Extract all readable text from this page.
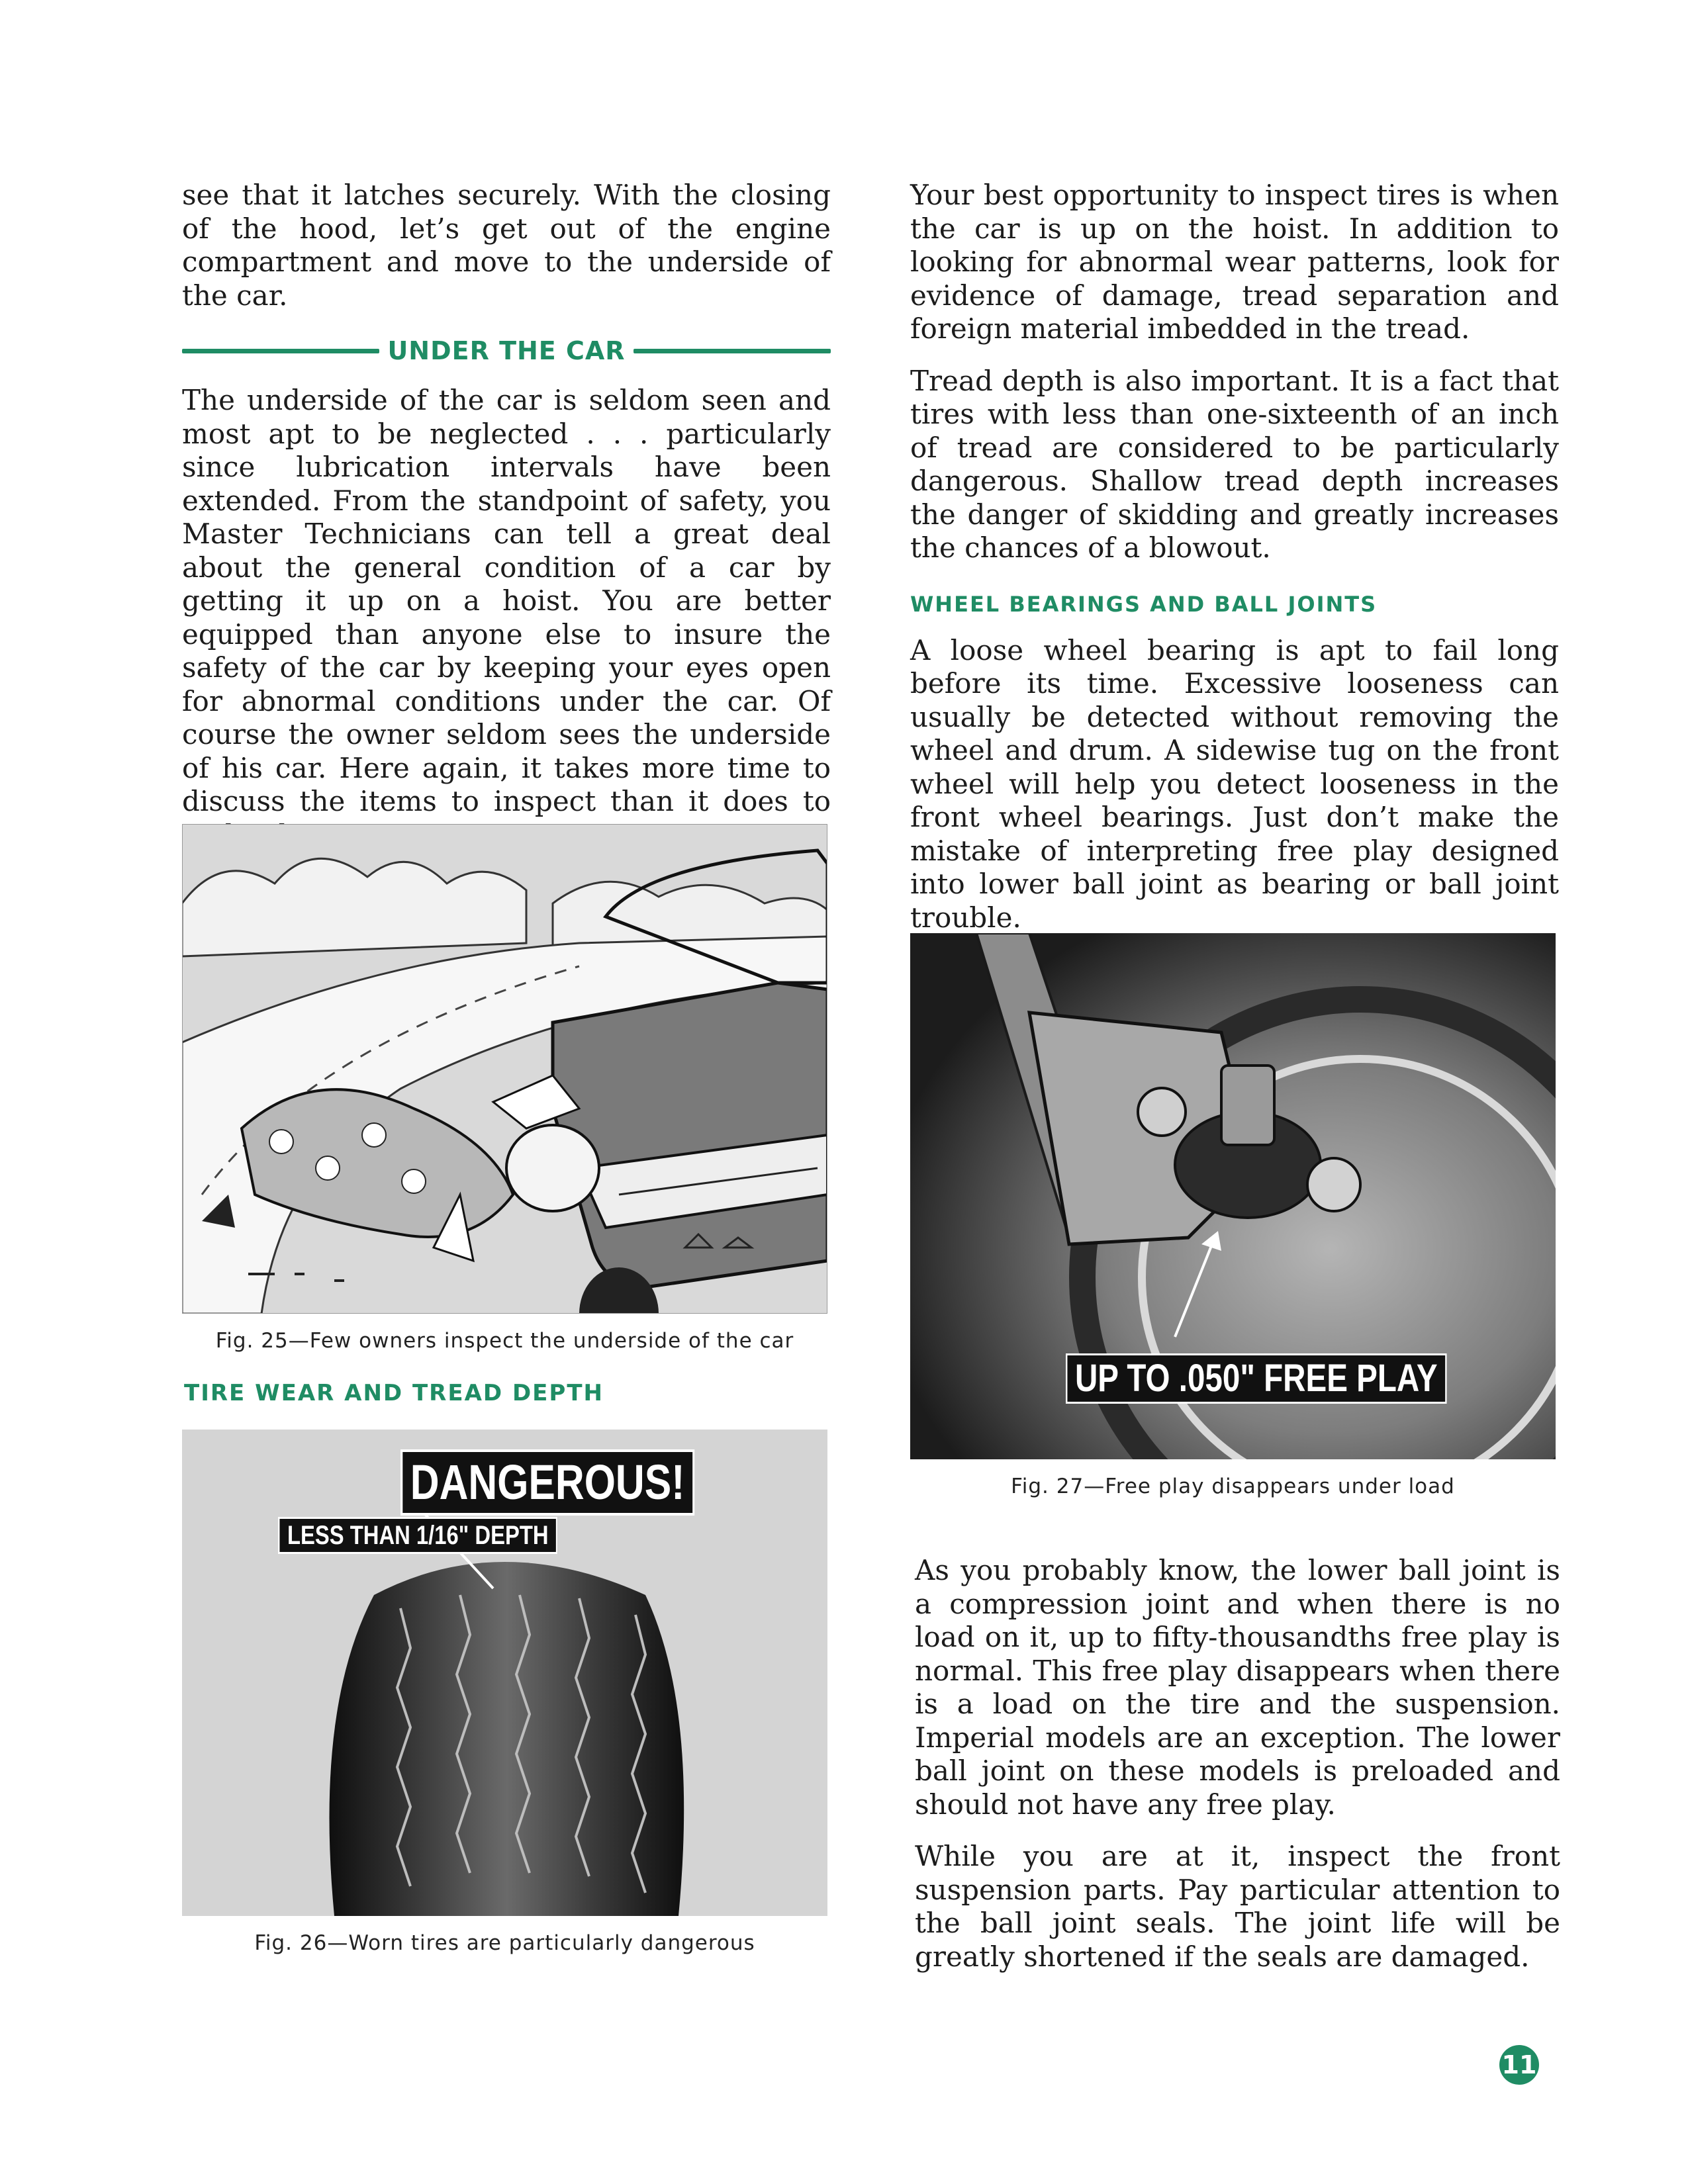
see that it latches securely. With the closing of the hood, let’s get out of the engine compartment and move to the underside of the car.

UNDER THE CAR

The underside of the car is seldom seen and most apt to be neglected . . . particularly since lubrication intervals have been extended. From the standpoint of safety, you Master Technicians can tell a great deal about the general condition of a car by getting it up on a hoist. You are better equipped than anyone else to insure the safety of the car by keeping your eyes open for abnormal conditions under the car. Of course the owner seldom sees the underside of his car. Here again, it takes more time to discuss the items to inspect than it does to

Fig. 25—Few owners inspect the underside of the car
TIRE WEAR AND TREAD DEPTH
DANGEROUS!
LESS THAN 1/16" DEPTH
Fig. 26—Worn tires are particularly dangerous

Your best opportunity to inspect tires is when the car is up on the hoist. In addition to looking for abnormal wear patterns, look for evidence of damage, tread separation and foreign material imbedded in the tread.

Tread depth is also important. It is a fact that tires with less than one-sixteenth of an inch of tread are considered to be particularly dangerous. Shallow tread depth increases the danger of skidding and greatly increases the chances of a blowout.

WHEEL BEARINGS AND BALL JOINTS

A loose wheel bearing is apt to fail long before its time. Excessive looseness can usually be detected without removing the wheel and drum. A sidewise tug on the front wheel will help you detect looseness in the front wheel bearings. Just don’t make the mistake of interpreting free play designed into lower ball joint as bearing or ball joint trouble.

UP TO .050" FREE PLAY
Fig. 27—Free play disappears under load

As you probably know, the lower ball joint is a compression joint and when there is no load on it, up to fifty-thousandths free play is normal. This free play disappears when there is a load on the tire and the suspension. Imperial models are an exception. The lower ball joint on these models is preloaded and should not have any free play.

While you are at it, inspect the front suspension parts. Pay particular attention to the ball joint seals. The joint life will be greatly shortened if the seals are damaged.

11
